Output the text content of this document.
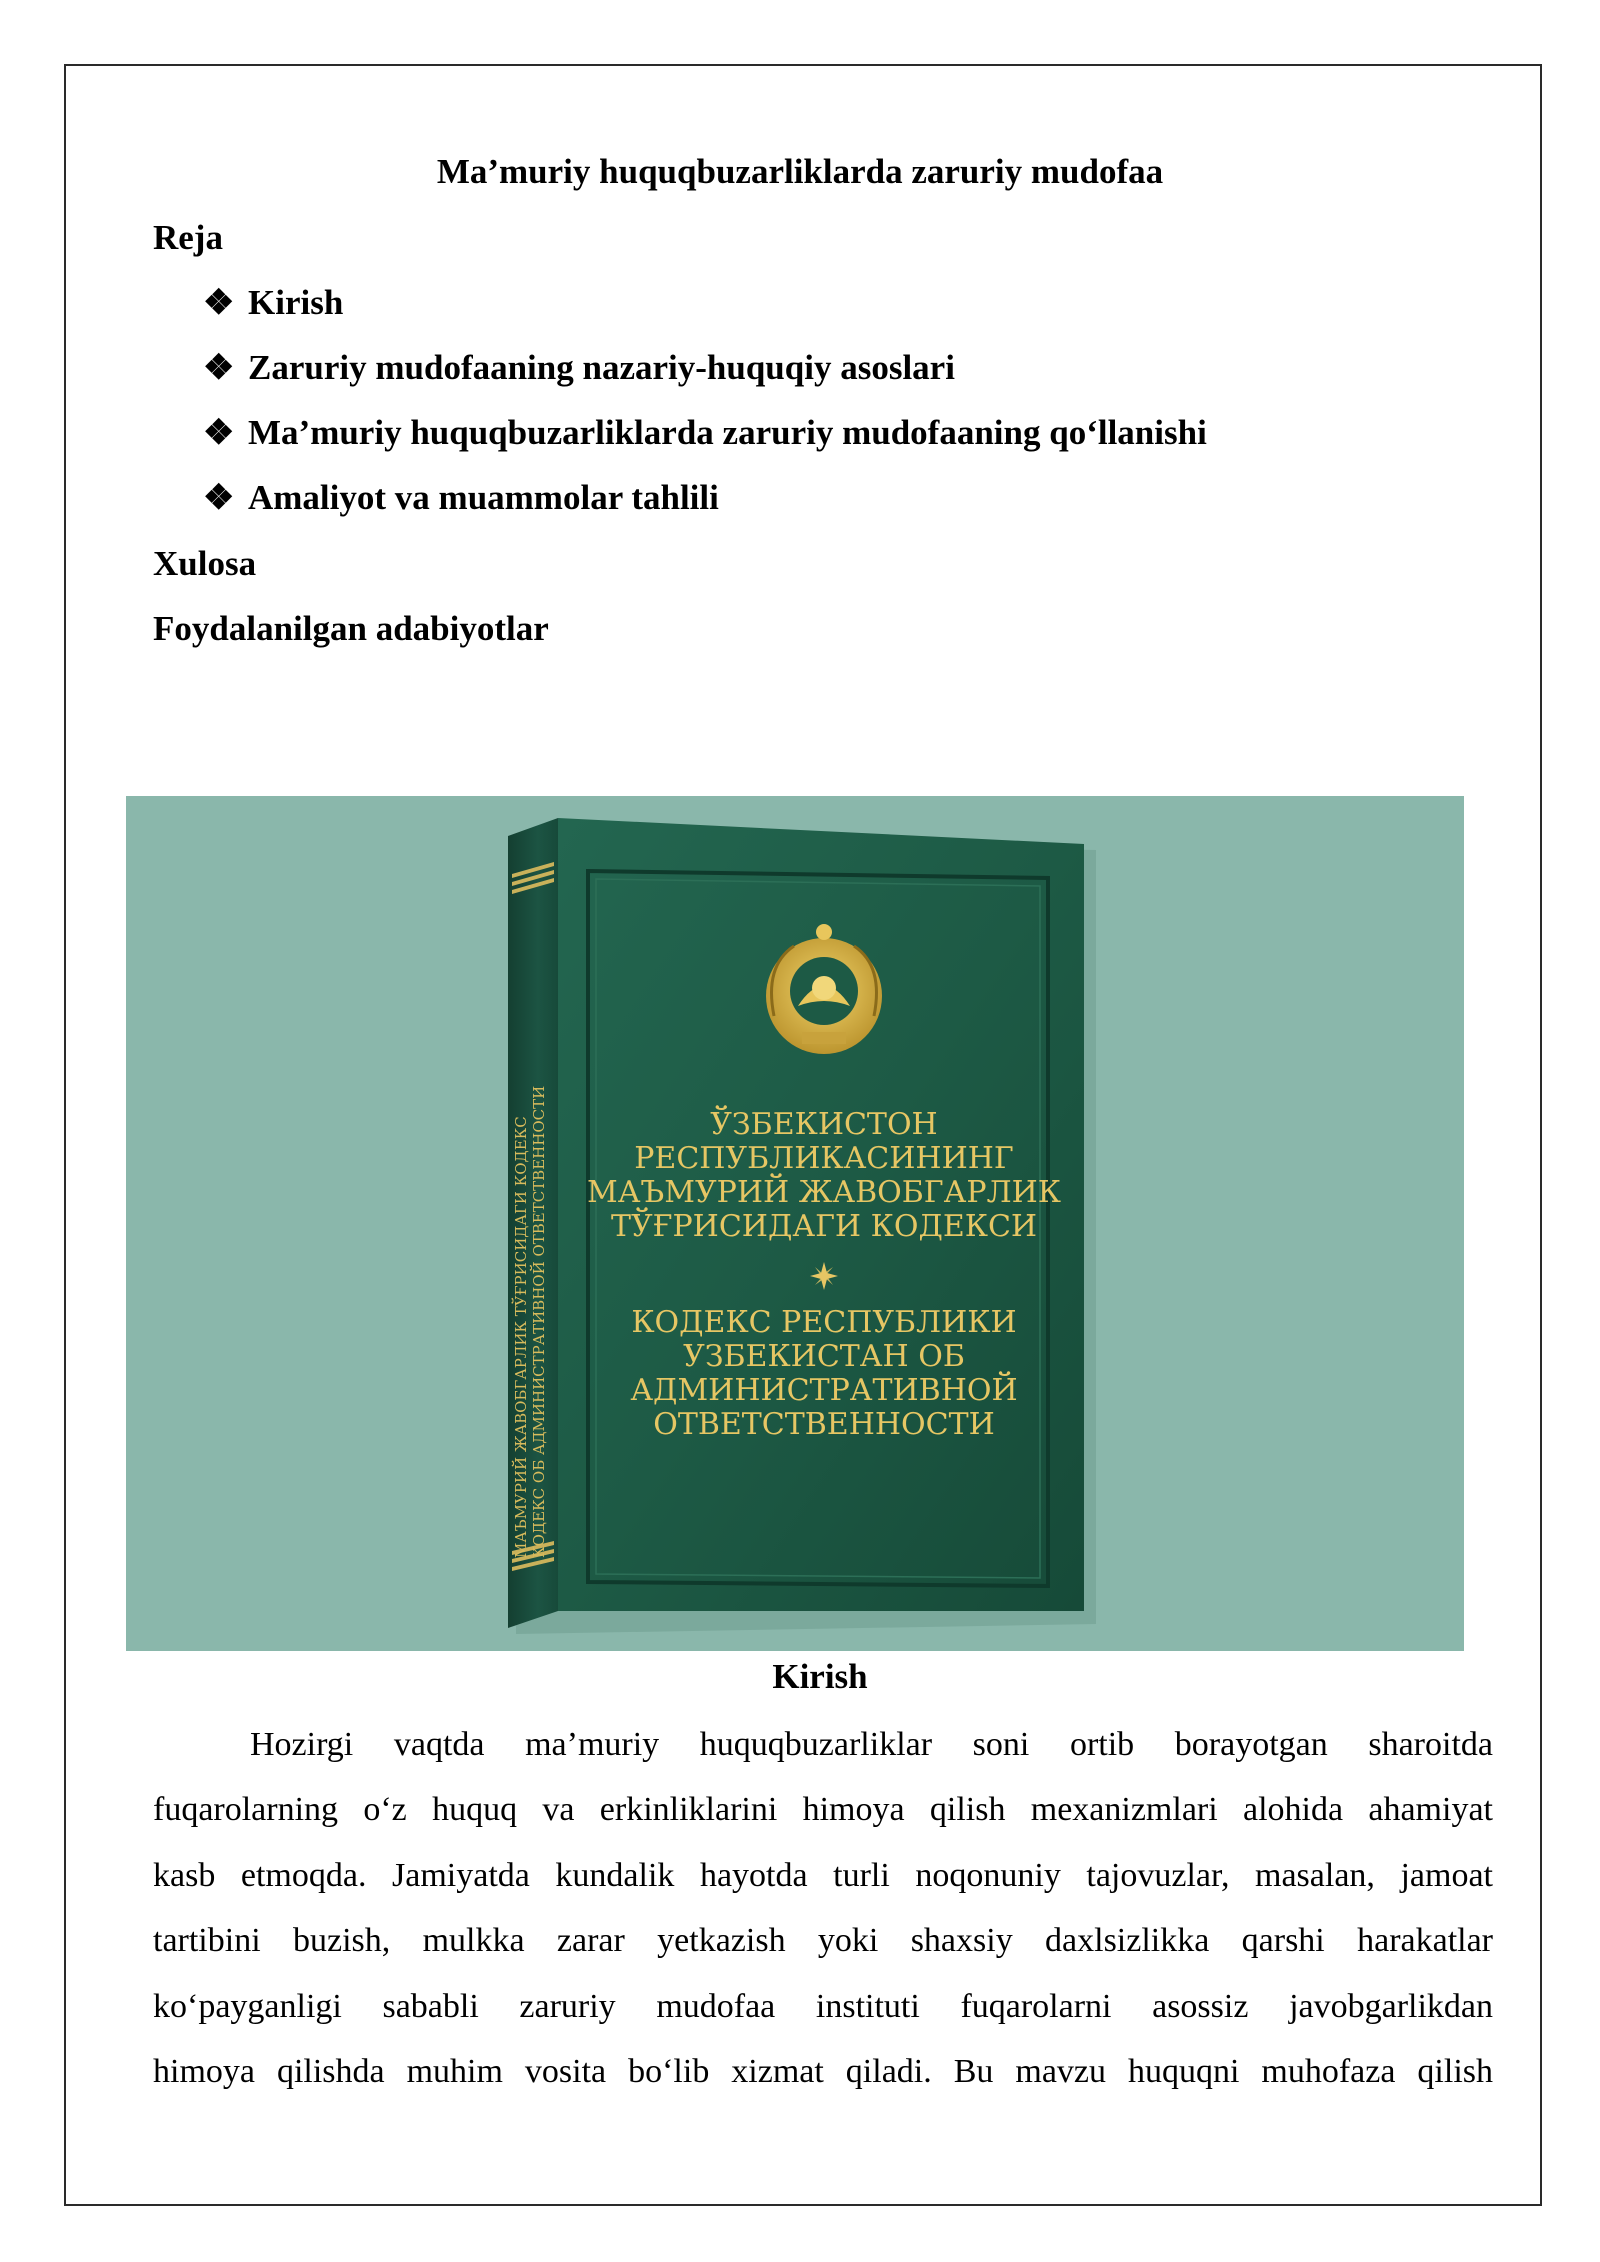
Ma’muriy huquqbuzarliklarda zaruriy mudofaa
Reja
❖ Kirish
❖ Zaruriy mudofaaning nazariy-huquqiy asoslari
❖ Ma’muriy huquqbuzarliklarda zaruriy mudofaaning qo‘llanishi
❖ Amaliyot va muammolar tahlili
Xulosa
Foydalanilgan adabiyotlar
ЎЗБЕКИСТОН
РЕСПУБЛИКАСИНИНГ
МАЪМУРИЙ ЖАВОБГАРЛИК
ТЎҒРИСИДАГИ КОДЕКСИ
КОДЕКС РЕСПУБЛИКИ
УЗБЕКИСТАН ОБ
АДМИНИСТРАТИВНОЙ
ОТВЕТСТВЕННОСТИ
МАЪМУРИЙ ЖАВОБГАРЛИК ТЎҒРИСИДАГИ КОДЕКС КОДЕКС ОБ АДМИНИСТРАТИВНОЙ ОТВЕТСТВЕННОСТИ
Kirish
Hozirgi vaqtda ma’muriy huquqbuzarliklar soni ortib borayotgan sharoitda
fuqarolarning o‘z huquq va erkinliklarini himoya qilish mexanizmlari alohida ahamiyat
kasb etmoqda. Jamiyatda kundalik hayotda turli noqonuniy tajovuzlar, masalan, jamoat
tartibini buzish, mulkka zarar yetkazish yoki shaxsiy daxlsizlikka qarshi harakatlar
ko‘payganligi sababli zaruriy mudofaa instituti fuqarolarni asossiz javobgarlikdan
himoya qilishda muhim vosita bo‘lib xizmat qiladi. Bu mavzu huquqni muhofaza qilish
